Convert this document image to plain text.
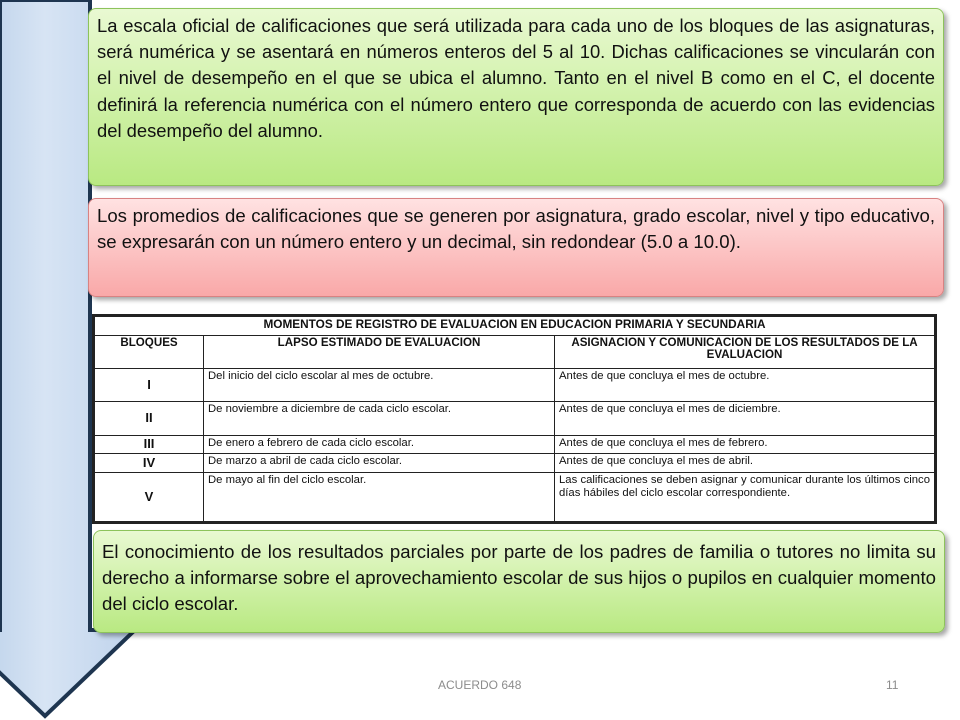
La escala oficial de calificaciones que será utilizada para cada uno de los bloques de las asignaturas, será numérica y se asentará en números enteros del 5 al 10. Dichas calificaciones se vincularán con el nivel de desempeño en el que se ubica el alumno. Tanto en el nivel B como en el C, el docente definirá la referencia numérica con el número entero que corresponda de acuerdo con las evidencias del desempeño del alumno.
Los promedios de calificaciones que se generen por asignatura, grado escolar, nivel y tipo educativo, se expresarán con un número entero y un decimal, sin redondear (5.0 a 10.0).
MOMENTOS DE REGISTRO DE EVALUACION EN EDUCACION PRIMARIA Y SECUNDARIA		
BLOQUES	LAPSO ESTIMADO DE EVALUACION	ASIGNACION Y COMUNICACION DE LOS RESULTADOS DE LA EVALUACION
I	Del inicio del ciclo escolar al mes de octubre.	Antes de que concluya el mes de octubre.
II	De noviembre a diciembre de cada ciclo escolar.	Antes de que concluya el mes de diciembre.
III	De enero a febrero de cada ciclo escolar.	Antes de que concluya el mes de febrero.
IV	De marzo a abril de cada ciclo escolar.	Antes de que concluya el mes de abril.
V	De mayo al fin del ciclo escolar.	Las calificaciones se deben asignar y comunicar durante los últimos cinco días hábiles del ciclo escolar correspondiente.
El conocimiento de los resultados parciales por parte de los padres de familia o tutores no limita su derecho a informarse sobre el aprovechamiento escolar de sus hijos o pupilos en cualquier momento del ciclo escolar.
ACUERDO 648	11
